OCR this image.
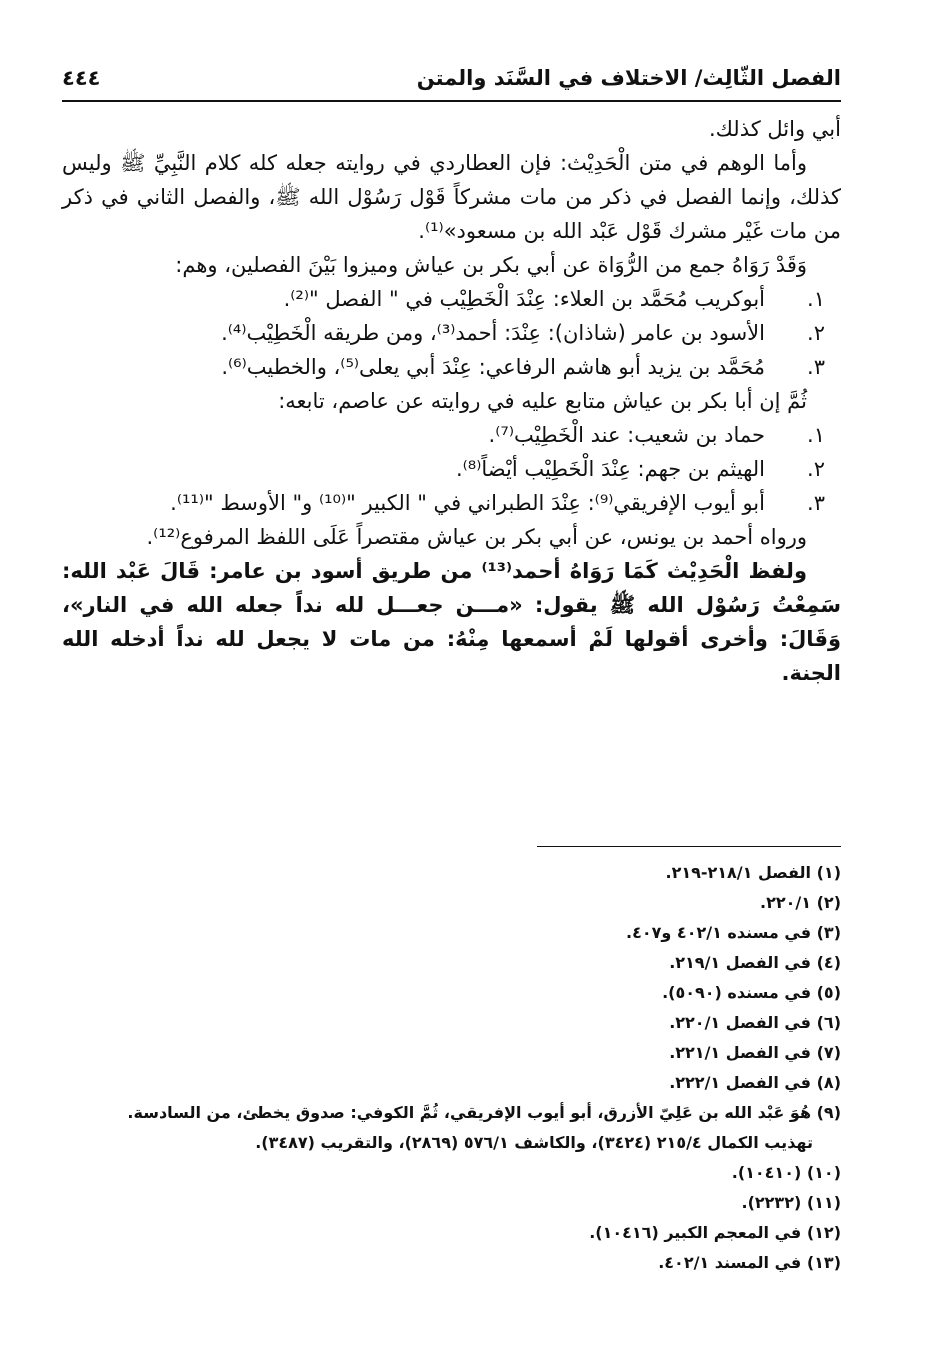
الفصل الثّالِث/ الاختلاف في السَّنَد والمتن
٤٤٤

أبي وائل كذلك.

وأما الوهم في متن الْحَدِيْث: فإن العطاردي في روايته جعله كله كلام النَّبِيِّ ﷺ وليس كذلك، وإنما الفصل في ذكر من مات مشركاً قَوْل رَسُوْل الله ﷺ، والفصل الثاني في ذكر من مات غَيْر مشرك قَوْل عَبْد الله بن مسعود»⁽¹⁾.

وَقَدْ رَوَاهُ جمع من الرُّوَاة عن أبي بكر بن عياش وميزوا بَيْنَ الفصلين، وهم:

١.
أبوكريب مُحَمَّد بن العلاء: عِنْدَ الْخَطِيْب في " الفصل "⁽²⁾.
٢.
الأسود بن عامر (شاذان): عِنْدَ: أحمد⁽³⁾، ومن طريقه الْخَطِيْب⁽⁴⁾.
٣.
مُحَمَّد بن يزيد أبو هاشم الرفاعي: عِنْدَ أبي يعلى⁽⁵⁾، والخطيب⁽⁶⁾.

ثُمَّ إن أبا بكر بن عياش متابع عليه في روايته عن عاصم، تابعه:

١.
حماد بن شعيب: عند الْخَطِيْب⁽⁷⁾.
٢.
الهيثم بن جهم: عِنْدَ الْخَطِيْب أيْضاً⁽⁸⁾.
٣.
أبو أيوب الإفريقي⁽⁹⁾: عِنْدَ الطبراني في " الكبير "⁽¹⁰⁾ و" الأوسط "⁽¹¹⁾.

ورواه أحمد بن يونس، عن أبي بكر بن عياش مقتصراً عَلَى اللفظ المرفوع⁽¹²⁾.

ولفظ الْحَدِيْث كَمَا رَوَاهُ أحمد⁽¹³⁾ من طريق أسود بن عامر: قَالَ عَبْد الله: سَمِعْتُ رَسُوْل الله ﷺ يقول: «مـــن جعـــل لله نداً جعله الله في النار»، وَقَالَ: وأخرى أقولها لَمْ أسمعها مِنْهُ: من مات لا يجعل لله نداً أدخله الله الجنة.

(١) الفصل ٢١٨/١-٢١٩.

(٢) ٢٢٠/١.

(٣) في مسنده ٤٠٢/١ و٤٠٧.

(٤) في الفصل ٢١٩/١.

(٥) في مسنده (٥٠٩٠).

(٦) في الفصل ٢٢٠/١.

(٧) في الفصل ٢٢١/١.

(٨) في الفصل ٢٢٢/١.

(٩) هُوَ عَبْد الله بن عَلِيّ الأزرق، أبو أيوب الإفريقي، ثُمَّ الكوفي: صدوق يخطئ، من السادسة.

تهذيب الكمال ٢١٥/٤ (٣٤٢٤)، والكاشف ٥٧٦/١ (٢٨٦٩)، والتقريب (٣٤٨٧).

(١٠) (١٠٤١٠).

(١١) (٢٢٣٢).

(١٢) في المعجم الكبير (١٠٤١٦).

(١٣) في المسند ٤٠٢/١.
